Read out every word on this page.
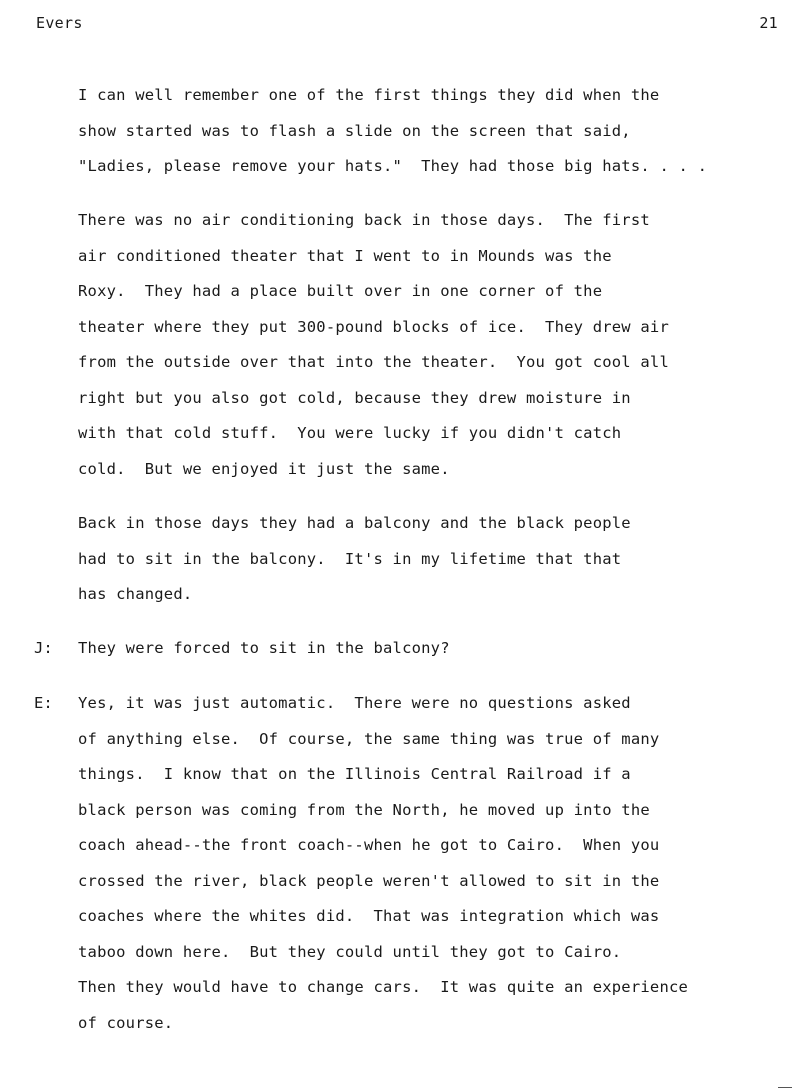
Evers	21

I can well remember one of the first things they did when the
show started was to flash a slide on the screen that said,
"Ladies, please remove your hats."  They had those big hats. . . .

There was no air conditioning back in those days.  The first
air conditioned theater that I went to in Mounds was the
Roxy.  They had a place built over in one corner of the
theater where they put 300-pound blocks of ice.  They drew air
from the outside over that into the theater.  You got cool all
right but you also got cold, because they drew moisture in
with that cold stuff.  You were lucky if you didn't catch
cold.  But we enjoyed it just the same.

Back in those days they had a balcony and the black people
had to sit in the balcony.  It's in my lifetime that that
has changed.

J: They were forced to sit in the balcony?

E: Yes, it was just automatic.  There were no questions asked
of anything else.  Of course, the same thing was true of many
things.  I know that on the Illinois Central Railroad if a
black person was coming from the North, he moved up into the
coach ahead--the front coach--when he got to Cairo.  When you
crossed the river, black people weren't allowed to sit in the
coaches where the whites did.  That was integration which was
taboo down here.  But they could until they got to Cairo.
Then they would have to change cars.  It was quite an experience
of course.
